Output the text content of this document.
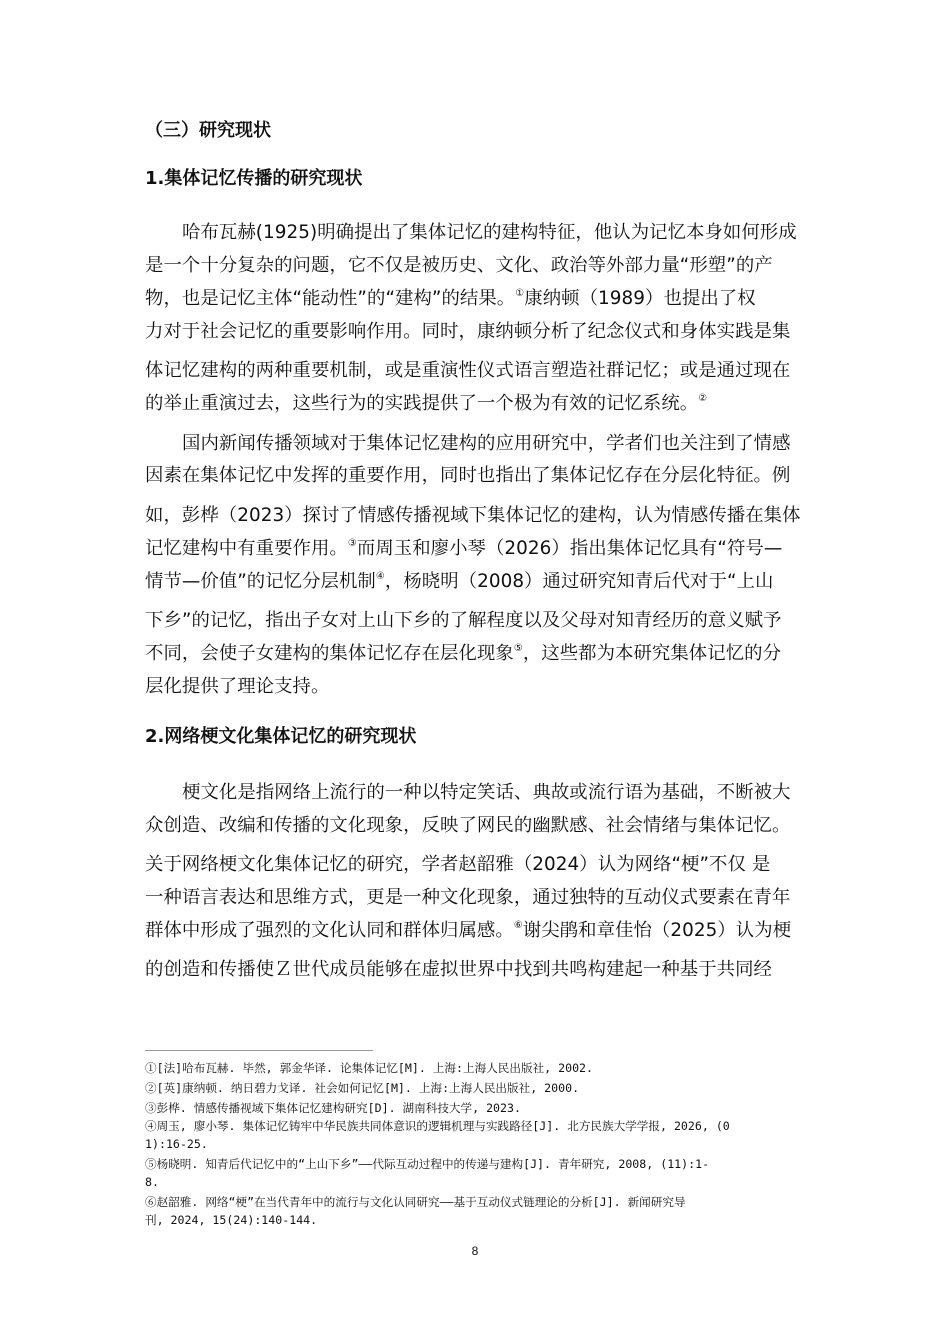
（三）研究现状
1.集体记忆传播的研究现状
哈布瓦赫(1925)明确提出了集体记忆的建构特征，他认为记忆本身如何形成
是一个十分复杂的问题，它不仅是被历史、文化、政治等外部力量“形塑”的产
物，也是记忆主体“能动性”的“建构”的结果。①康纳顿（1989）也提出了权
力对于社会记忆的重要影响作用。同时，康纳顿分析了纪念仪式和身体实践是集
体记忆建构的两种重要机制，或是重演性仪式语言塑造社群记忆；或是通过现在
的举止重演过去，这些行为的实践提供了一个极为有效的记忆系统。②
国内新闻传播领域对于集体记忆建构的应用研究中，学者们也关注到了情感
因素在集体记忆中发挥的重要作用，同时也指出了集体记忆存在分层化特征。例
如，彭桦（2023）探讨了情感传播视域下集体记忆的建构，认为情感传播在集体
记忆建构中有重要作用。③而周玉和廖小琴（2026）指出集体记忆具有“符号—
情节—价值”的记忆分层机制④，杨晓明（2008）通过研究知青后代对于“上山
下乡”的记忆，指出子女对上山下乡的了解程度以及父母对知青经历的意义赋予
不同，会使子女建构的集体记忆存在层化现象⑤，这些都为本研究集体记忆的分
层化提供了理论支持。
2.网络梗文化集体记忆的研究现状
梗文化是指网络上流行的一种以特定笑话、典故或流行语为基础，不断被大
众创造、改编和传播的文化现象，反映了网民的幽默感、社会情绪与集体记忆。
关于网络梗文化集体记忆的研究，学者赵韶雅（2024）认为网络“梗”不仅 是
一种语言表达和思维方式，更是一种文化现象，通过独特的互动仪式要素在青年
群体中形成了强烈的文化认同和群体归属感。⑥谢尖鹃和章佳怡（2025）认为梗
的创造和传播使Ｚ世代成员能够在虚拟世界中找到共鸣构建起一种基于共同经
①[法]哈布瓦赫. 毕然, 郭金华译. 论集体记忆[M]. 上海:上海人民出版社, 2002.
②[英]康纳顿. 纳日碧力戈译. 社会如何记忆[M]. 上海:上海人民出版社, 2000.
③彭桦. 情感传播视域下集体记忆建构研究[D]. 湖南科技大学, 2023.
④周玉, 廖小琴. 集体记忆铸牢中华民族共同体意识的逻辑机理与实践路径[J]. 北方民族大学学报, 2026, (0
1):16-25.
⑤杨晓明. 知青后代记忆中的“上山下乡”——代际互动过程中的传递与建构[J]. 青年研究, 2008, (11):1-
8.
⑥赵韶雅. 网络“梗”在当代青年中的流行与文化认同研究——基于互动仪式链理论的分析[J]. 新闻研究导
刊, 2024, 15(24):140-144.
8
